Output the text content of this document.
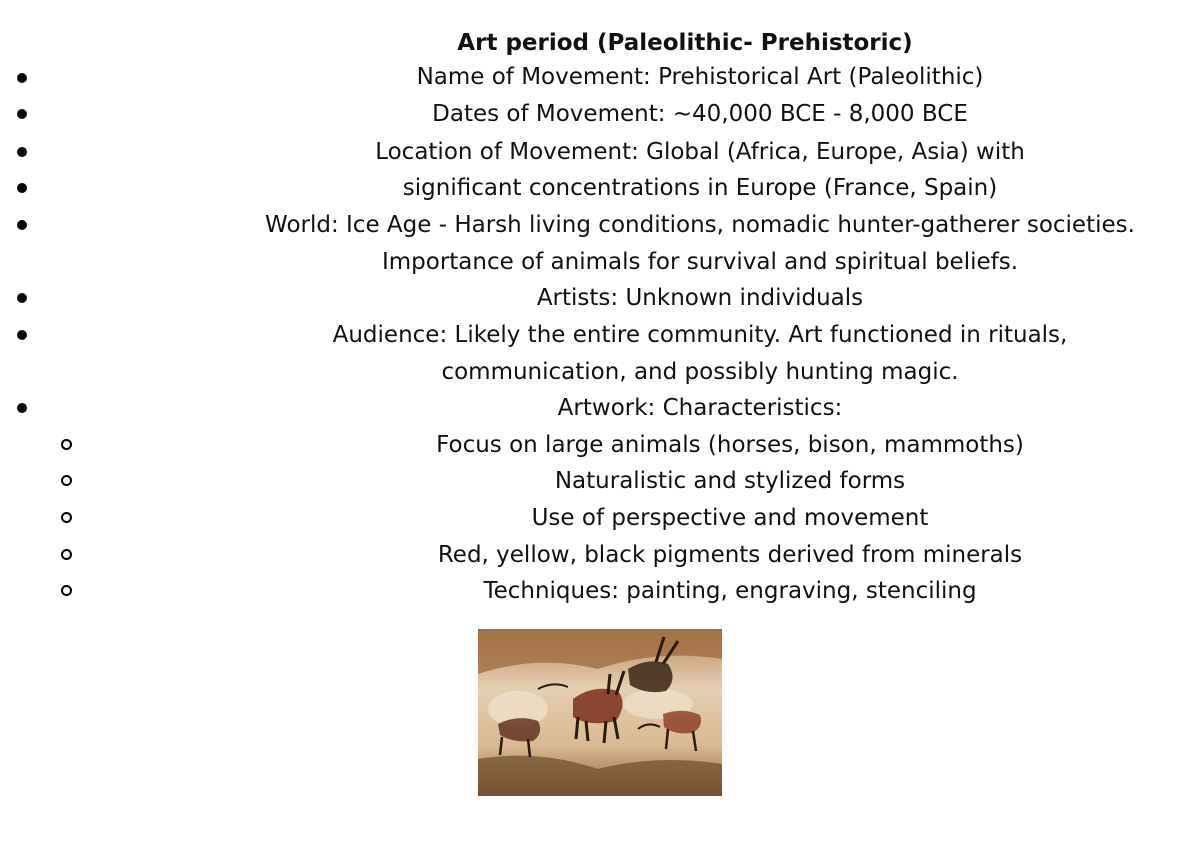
Art period (Paleolithic- Prehistoric)
Name of Movement: Prehistorical Art (Paleolithic)
Dates of Movement: ~40,000 BCE - 8,000 BCE
Location of Movement: Global (Africa, Europe, Asia) with
significant concentrations in Europe (France, Spain)
World: Ice Age - Harsh living conditions, nomadic hunter-gatherer societies.
Importance of animals for survival and spiritual beliefs.
Artists: Unknown individuals
Audience: Likely the entire community. Art functioned in rituals,
communication, and possibly hunting magic.
Artwork: Characteristics:
Focus on large animals (horses, bison, mammoths)
Naturalistic and stylized forms
Use of perspective and movement
Red, yellow, black pigments derived from minerals
Techniques: painting, engraving, stenciling
